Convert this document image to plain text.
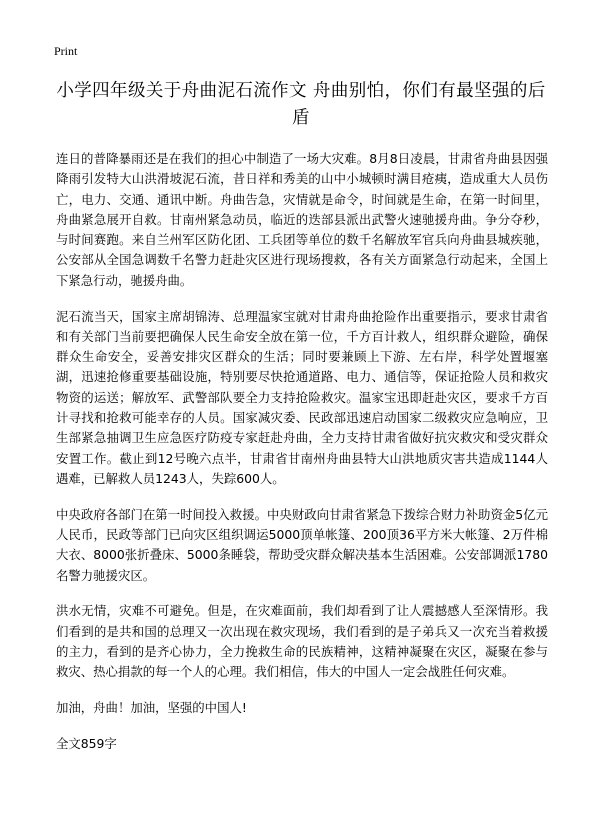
Print
小学四年级关于舟曲泥石流作文 舟曲别怕，你们有最坚强的后盾

连日的普降暴雨还是在我们的担心中制造了一场大灾难。8月8日凌晨，甘肃省舟曲县因强降雨引发特大山洪滑坡泥石流，昔日祥和秀美的山中小城顿时满目疮痍，造成重大人员伤亡，电力、交通、通讯中断。舟曲告急，灾情就是命令，时间就是生命，在第一时间里，舟曲紧急展开自救。甘南州紧急动员，临近的迭部县派出武警火速驰援舟曲。争分夺秒，与时间赛跑。来自兰州军区防化团、工兵团等单位的数千名解放军官兵向舟曲县城疾驰，公安部从全国急调数千名警力赶赴灾区进行现场搜救，各有关方面紧急行动起来，全国上下紧急行动，驰援舟曲。

泥石流当天，国家主席胡锦涛、总理温家宝就对甘肃舟曲抢险作出重要指示，要求甘肃省和有关部门当前要把确保人民生命安全放在第一位，千方百计救人，组织群众避险，确保群众生命安全，妥善安排灾区群众的生活；同时要兼顾上下游、左右岸，科学处置堰塞湖，迅速抢修重要基础设施，特别要尽快抢通道路、电力、通信等，保证抢险人员和救灾物资的运送；解放军、武警部队要全力支持抢险救灾。温家宝迅即赶赴灾区，要求千方百计寻找和抢救可能幸存的人员。国家减灾委、民政部迅速启动国家二级救灾应急响应，卫生部紧急抽调卫生应急医疗防疫专家赶赴舟曲，全力支持甘肃省做好抗灾救灾和受灾群众安置工作。截止到12号晚六点半，甘肃省甘南州舟曲县特大山洪地质灾害共造成1144人遇难，已解救人员1243人，失踪600人。

中央政府各部门在第一时间投入救援。中央财政向甘肃省紧急下拨综合财力补助资金5亿元人民币，民政等部门已向灾区组织调运5000顶单帐篷、200顶36平方米大帐篷、2万件棉大衣、8000张折叠床、5000条睡袋，帮助受灾群众解决基本生活困难。公安部调派1780名警力驰援灾区。

洪水无情，灾难不可避免。但是，在灾难面前，我们却看到了让人震撼感人至深情形。我们看到的是共和国的总理又一次出现在救灾现场，我们看到的是子弟兵又一次充当着救援的主力，看到的是齐心协力，全力挽救生命的民族精神，这精神凝聚在灾区，凝聚在参与救灾、热心捐款的每一个人的心理。我们相信，伟大的中国人一定会战胜任何灾难。

加油，舟曲！加油，坚强的中国人!

全文859字
